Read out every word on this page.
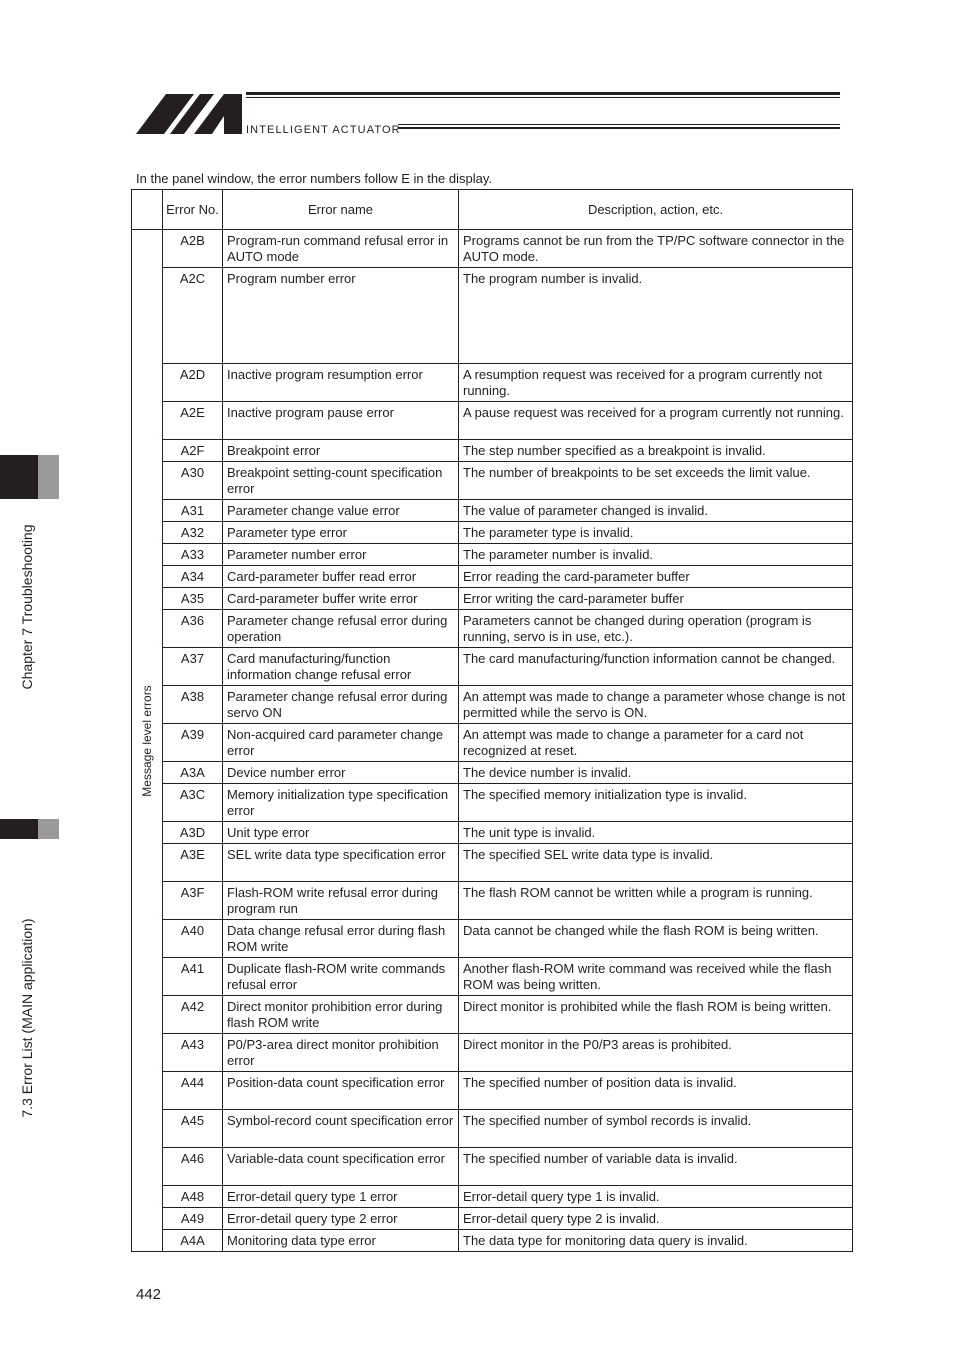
INTELLIGENT ACTUATOR
In the panel window, the error numbers follow E in the display.
Chapter 7 Troubleshooting
7.3 Error List (MAIN application)
	Error No.	Error name	Description, action, etc.

Message level errors	A2B	Program-run command refusal error in AUTO mode	Programs cannot be run from the TP/PC software connector in the AUTO mode.
	A2C	Program number error	The program number is invalid.
	A2D	Inactive program resumption error	A resumption request was received for a program currently not running.
	A2E	Inactive program pause error	A pause request was received for a program currently not running.
	A2F	Breakpoint error	The step number specified as a breakpoint is invalid.
	A30	Breakpoint setting-count specification error	The number of breakpoints to be set exceeds the limit value.
	A31	Parameter change value error	The value of parameter changed is invalid.
	A32	Parameter type error	The parameter type is invalid.
	A33	Parameter number error	The parameter number is invalid.
	A34	Card-parameter buffer read error	Error reading the card-parameter buffer
	A35	Card-parameter buffer write error	Error writing the card-parameter buffer
	A36	Parameter change refusal error during operation	Parameters cannot be changed during operation (program is running, servo is in use, etc.).
	A37	Card manufacturing/function information change refusal error	The card manufacturing/function information cannot be changed.
	A38	Parameter change refusal error during servo ON	An attempt was made to change a parameter whose change is not permitted while the servo is ON.
	A39	Non-acquired card parameter change error	An attempt was made to change a parameter for a card not recognized at reset.
	A3A	Device number error	The device number is invalid.
	A3C	Memory initialization type specification error	The specified memory initialization type is invalid.
	A3D	Unit type error	The unit type is invalid.
	A3E	SEL write data type specification error	The specified SEL write data type is invalid.
	A3F	Flash-ROM write refusal error during program run	The flash ROM cannot be written while a program is running.
	A40	Data change refusal error during flash ROM write	Data cannot be changed while the flash ROM is being written.
	A41	Duplicate flash-ROM write commands refusal error	Another flash-ROM write command was received while the flash ROM was being written.
	A42	Direct monitor prohibition error during flash ROM write	Direct monitor is prohibited while the flash ROM is being written.
	A43	P0/P3-area direct monitor prohibition error	Direct monitor in the P0/P3 areas is prohibited.
	A44	Position-data count specification error	The specified number of position data is invalid.
	A45	Symbol-record count specification error	The specified number of symbol records is invalid.
	A46	Variable-data count specification error	The specified number of variable data is invalid.
	A48	Error-detail query type 1 error	Error-detail query type 1 is invalid.
	A49	Error-detail query type 2 error	Error-detail query type 2 is invalid.
	A4A	Monitoring data type error	The data type for monitoring data query is invalid.
442
